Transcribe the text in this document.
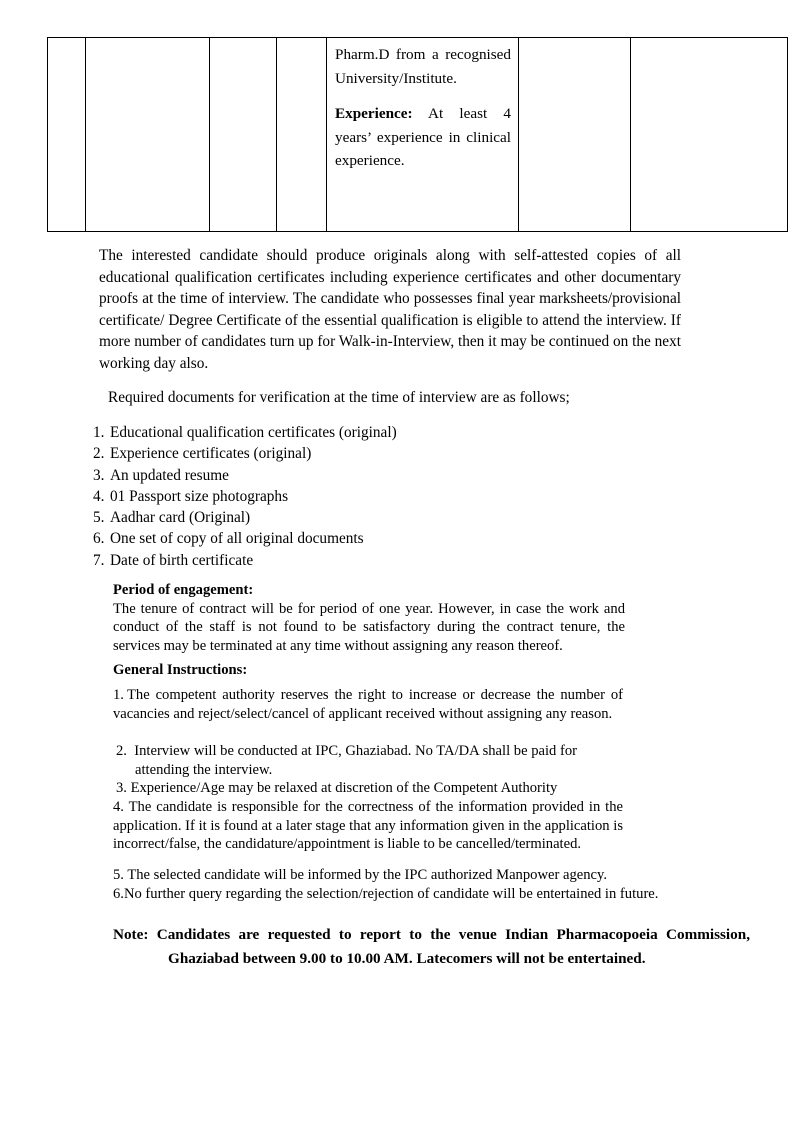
Pharm.D from a recognised University/Institute.

Experience: At least 4 years’ experience in clinical experience.

The interested candidate should produce originals along with self-attested copies of all educational qualification certificates including experience certificates and other documentary proofs at the time of interview. The candidate who possesses final year marksheets/provisional certificate/ Degree Certificate of the essential qualification is eligible to attend the interview. If more number of candidates turn up for Walk-in-Interview, then it may be continued on the next working day also.
Required documents for verification at the time of interview are as follows;
1. Educational qualification certificates (original)
2. Experience certificates (original)
3. An updated resume
4. 01 Passport size photographs
5. Aadhar card (Original)
6. One set of copy of all original documents
7. Date of birth certificate
Period of engagement:
The tenure of contract will be for period of one year. However, in case the work and conduct of the staff is not found to be satisfactory during the contract tenure, the services may be terminated at any time without assigning any reason thereof.
General Instructions:
1. The competent authority reserves the right to increase or decrease the number of vacancies and reject/select/cancel of applicant received without assigning any reason.
2. Interview will be conducted at IPC, Ghaziabad. No TA/DA shall be paid for
attending the interview.
3. Experience/Age may be relaxed at discretion of the Competent Authority
4. The candidate is responsible for the correctness of the information provided in the application. If it is found at a later stage that any information given in the application is incorrect/false, the candidature/appointment is liable to be cancelled/terminated.
5. The selected candidate will be informed by the IPC authorized Manpower agency.
6.No further query regarding the selection/rejection of candidate will be entertained in future.
Note: Candidates are requested to report to the venue Indian Pharmacopoeia Commission, Ghaziabad between 9.00 to 10.00 AM. Latecomers will not be entertained.
